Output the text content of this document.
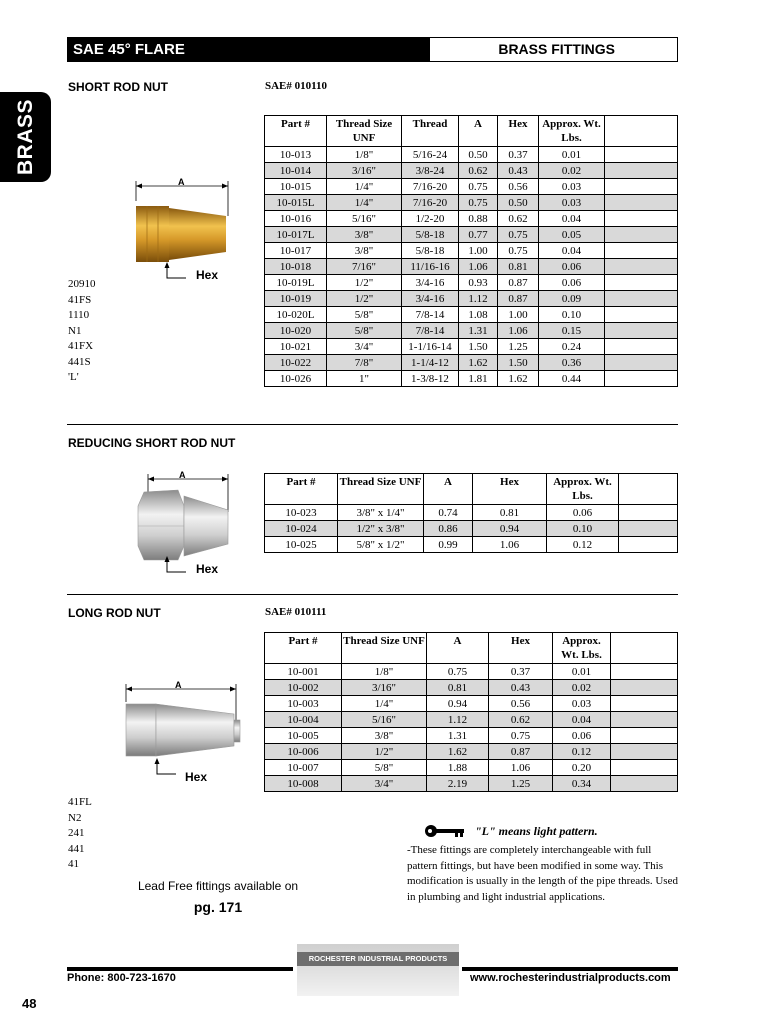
SAE 45° FLARE	BRASS FITTINGS
BRASS
SHORT ROD NUT	SAE# 010110
A
Hex
20910
41FS
1110
N1
41FX
441S
'L'
Part #	Thread Size UNF	Thread	A	Hex	Approx. Wt. Lbs.	
10-013	1/8"	5/16-24	0.50	0.37	0.01	
10-014	3/16"	3/8-24	0.62	0.43	0.02	
10-015	1/4"	7/16-20	0.75	0.56	0.03	
10-015L	1/4"	7/16-20	0.75	0.50	0.03	
10-016	5/16"	1/2-20	0.88	0.62	0.04	
10-017L	3/8"	5/8-18	0.77	0.75	0.05	
10-017	3/8"	5/8-18	1.00	0.75	0.04	
10-018	7/16"	11/16-16	1.06	0.81	0.06	
10-019L	1/2"	3/4-16	0.93	0.87	0.06	
10-019	1/2"	3/4-16	1.12	0.87	0.09	
10-020L	5/8"	7/8-14	1.08	1.00	0.10	
10-020	5/8"	7/8-14	1.31	1.06	0.15	
10-021	3/4"	1-1/16-14	1.50	1.25	0.24	
10-022	7/8"	1-1/4-12	1.62	1.50	0.36	
10-026	1"	1-3/8-12	1.81	1.62	0.44	
REDUCING SHORT ROD NUT
A
Hex
Part #	Thread Size UNF	A	Hex	Approx. Wt. Lbs.	
10-023	3/8" x 1/4"	0.74	0.81	0.06	
10-024	1/2" x 3/8"	0.86	0.94	0.10	
10-025	5/8" x 1/2"	0.99	1.06	0.12	
LONG ROD NUT	SAE# 010111
A
Hex
41FL
N2
241
441
41
Part #	Thread Size UNF	A	Hex	Approx. Wt. Lbs.	
10-001	1/8"	0.75	0.37	0.01	
10-002	3/16"	0.81	0.43	0.02	
10-003	1/4"	0.94	0.56	0.03	
10-004	5/16"	1.12	0.62	0.04	
10-005	3/8"	1.31	0.75	0.06	
10-006	1/2"	1.62	0.87	0.12	
10-007	5/8"	1.88	1.06	0.20	
10-008	3/4"	2.19	1.25	0.34	
Lead Free fittings available on
pg. 171
"L" means light pattern.
-These fittings are completely interchangeable with full pattern fittings, but have been modified in some way. This modification is usually in the length of the pipe threads. Used in plumbing and light industrial applications.
ROCHESTER INDUSTRIAL PRODUCTS
Phone: 800-723-1670	www.rochesterindustrialproducts.com
48
